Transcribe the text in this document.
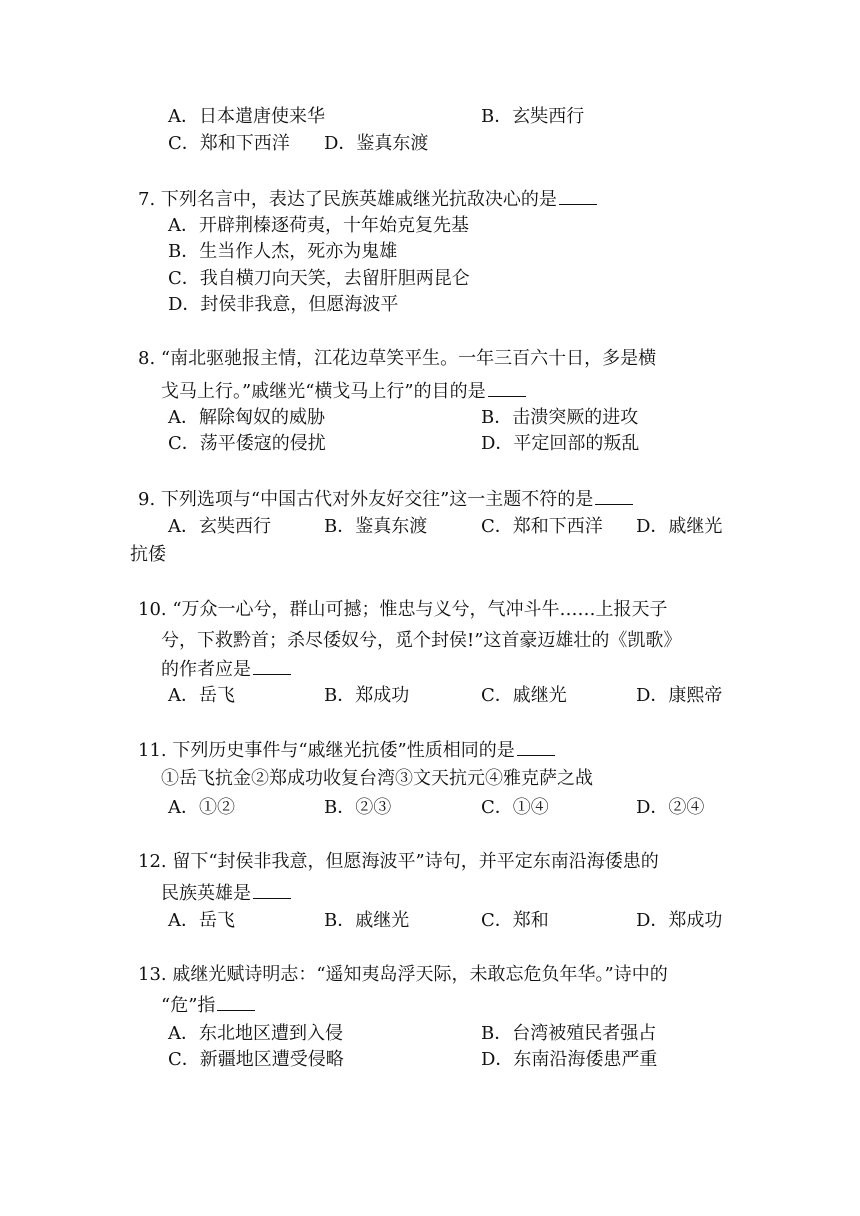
A．日本遣唐使来华	B．玄奘西行
C．郑和下西洋 D．鉴真东渡
7. 下列名言中，表达了民族英雄戚继光抗敌决心的是
A．开辟荆榛逐荷夷，十年始克复先基
B．生当作人杰，死亦为鬼雄
C．我自横刀向天笑，去留肝胆两昆仑
D．封侯非我意，但愿海波平
8. “南北驱驰报主情，江花边草笑平生。一年三百六十日，多是横
戈马上行。”戚继光“横戈马上行”的目的是
A．解除匈奴的威胁	B．击溃突厥的进攻
C．荡平倭寇的侵扰	D．平定回部的叛乱
9. 下列选项与“中国古代对外友好交往”这一主题不符的是
A．玄奘西行	B．鉴真东渡	C．郑和下西洋 D．戚继光
抗倭
10. “万众一心兮，群山可撼；惟忠与义兮，气冲斗牛……上报天子
兮，下救黔首；杀尽倭奴兮，觅个封侯!”这首豪迈雄壮的《凯歌》
的作者应是
A．岳飞	B．郑成功	C．戚继光	D．康熙帝
11. 下列历史事件与“戚继光抗倭”性质相同的是
①岳飞抗金②郑成功收复台湾③文天抗元④雅克萨之战
A．①②	B．②③	C．①④	D．②④
12. 留下“封侯非我意，但愿海波平”诗句，并平定东南沿海倭患的
民族英雄是
A．岳飞	B．戚继光	C．郑和	D．郑成功
13. 戚继光赋诗明志：“遥知夷岛浮天际，未敢忘危负年华。”诗中的
“危”指
A．东北地区遭到入侵	B．台湾被殖民者强占
C．新疆地区遭受侵略	D．东南沿海倭患严重
